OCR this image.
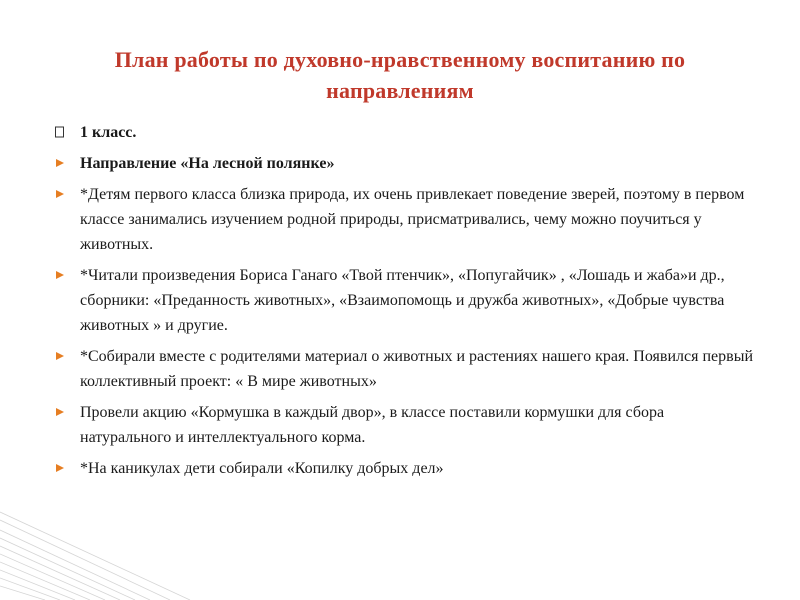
План работы по духовно-нравственному воспитанию по направлениям
1 класс.
Направление «На лесной полянке»
*Детям первого класса близка природа, их очень привлекает поведение зверей, поэтому в первом классе занимались изучением родной природы, присматривались, чему можно поучиться у животных.
*Читали произведения Бориса Ганаго «Твой птенчик», «Попугайчик» , «Лошадь и жаба»и др., сборники: «Преданность животных», «Взаимопомощь и дружба животных», «Добрые чувства животных » и другие.
*Собирали вместе с родителями материал о животных и растениях нашего края. Появился первый коллективный проект: « В мире животных»
Провели акцию «Кормушка в каждый двор», в классе поставили кормушки для сбора натурального и интеллектуального корма.
*На каникулах дети собирали «Копилку добрых дел»
